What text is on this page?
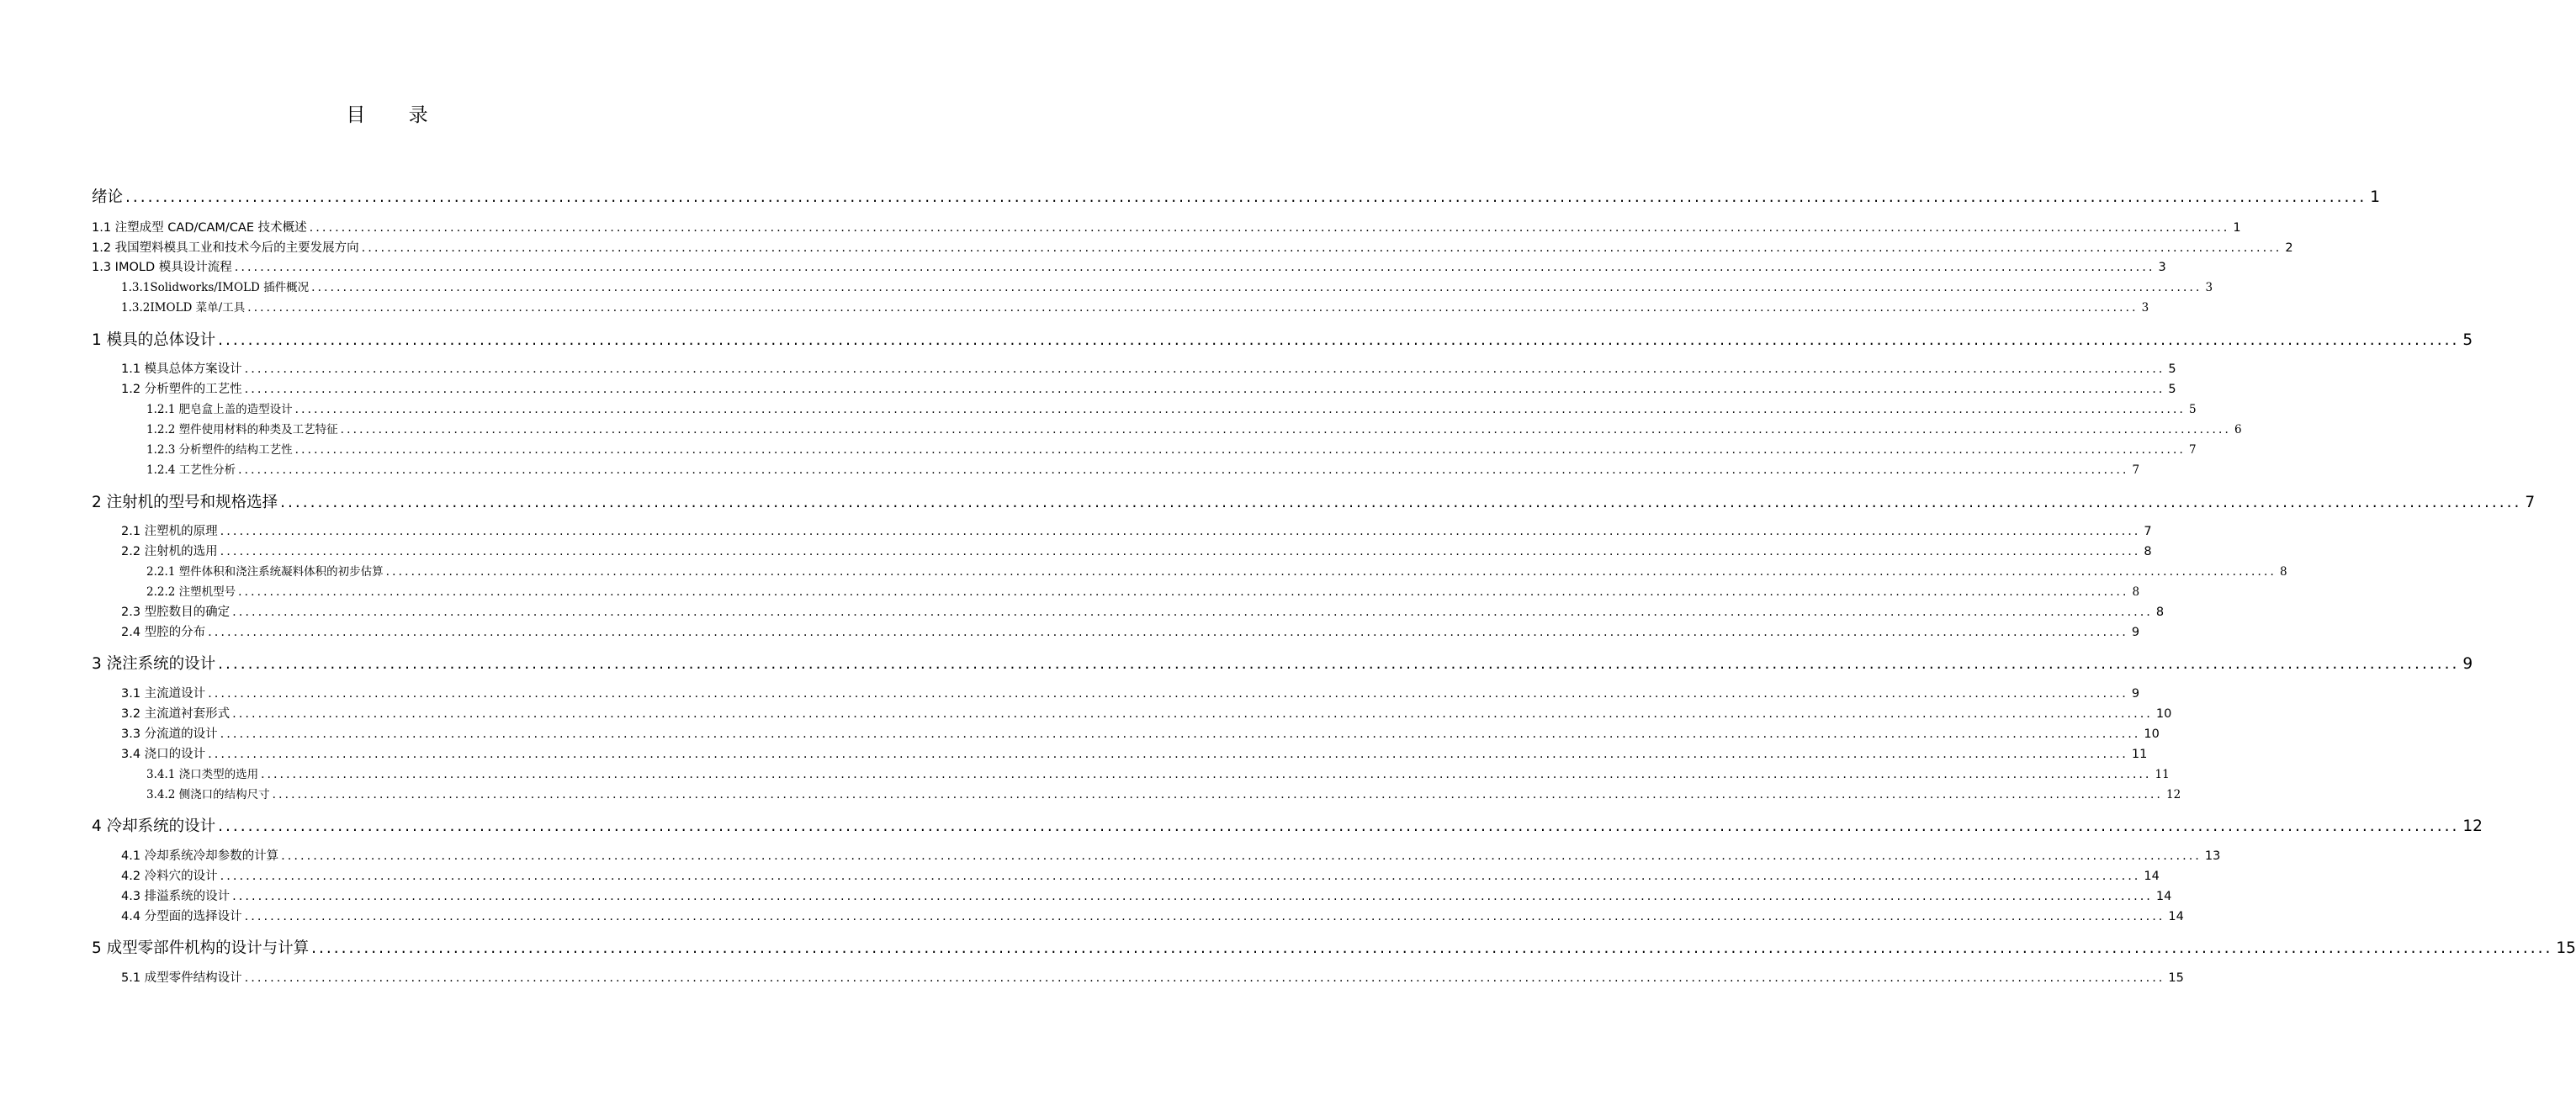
目 录
绪论 ............................................................................................................................................................................................................................................................................................................ 1
1.1 注塑成型 CAD/CAM/CAE 技术概述 ............................................................................................................................................................................................................................................................................................................ 1
1.2 我国塑料模具工业和技术今后的主要发展方向 ............................................................................................................................................................................................................................................................................................................ 2
1.3 IMOLD 模具设计流程 ............................................................................................................................................................................................................................................................................................................ 3
1.3.1Solidworks/IMOLD 插件概况 ............................................................................................................................................................................................................................................................................................................ 3
1.3.2IMOLD 菜单/工具 ............................................................................................................................................................................................................................................................................................................ 3
1 模具的总体设计 ............................................................................................................................................................................................................................................................................................................ 5
1.1 模具总体方案设计 ............................................................................................................................................................................................................................................................................................................ 5
1.2 分析塑件的工艺性 ............................................................................................................................................................................................................................................................................................................ 5
1.2.1 肥皂盒上盖的造型设计 ............................................................................................................................................................................................................................................................................................................ 5
1.2.2 塑件使用材料的种类及工艺特征 ............................................................................................................................................................................................................................................................................................................ 6
1.2.3 分析塑件的结构工艺性 ............................................................................................................................................................................................................................................................................................................ 7
1.2.4 工艺性分析 ............................................................................................................................................................................................................................................................................................................ 7
2 注射机的型号和规格选择 ............................................................................................................................................................................................................................................................................................................ 7
2.1 注塑机的原理 ............................................................................................................................................................................................................................................................................................................ 7
2.2 注射机的选用 ............................................................................................................................................................................................................................................................................................................ 8
2.2.1 塑件体积和浇注系统凝料体积的初步估算 ............................................................................................................................................................................................................................................................................................................ 8
2.2.2 注塑机型号 ............................................................................................................................................................................................................................................................................................................ 8
2.3 型腔数目的确定 ............................................................................................................................................................................................................................................................................................................ 8
2.4 型腔的分布 ............................................................................................................................................................................................................................................................................................................ 9
3 浇注系统的设计 ............................................................................................................................................................................................................................................................................................................ 9
3.1 主流道设计 ............................................................................................................................................................................................................................................................................................................ 9
3.2 主流道衬套形式 ............................................................................................................................................................................................................................................................................................................ 10
3.3 分流道的设计 ............................................................................................................................................................................................................................................................................................................ 10
3.4 浇口的设计 ............................................................................................................................................................................................................................................................................................................ 11
3.4.1 浇口类型的选用 ............................................................................................................................................................................................................................................................................................................ 11
3.4.2 侧浇口的结构尺寸 ............................................................................................................................................................................................................................................................................................................ 12
4 冷却系统的设计 ............................................................................................................................................................................................................................................................................................................ 12
4.1 冷却系统冷却参数的计算 ............................................................................................................................................................................................................................................................................................................ 13
4.2 冷料穴的设计 ............................................................................................................................................................................................................................................................................................................ 14
4.3 排溢系统的设计 ............................................................................................................................................................................................................................................................................................................ 14
4.4 分型面的选择设计 ............................................................................................................................................................................................................................................................................................................ 14
5 成型零部件机构的设计与计算 ............................................................................................................................................................................................................................................................................................................ 15
5.1 成型零件结构设计 ............................................................................................................................................................................................................................................................................................................ 15
